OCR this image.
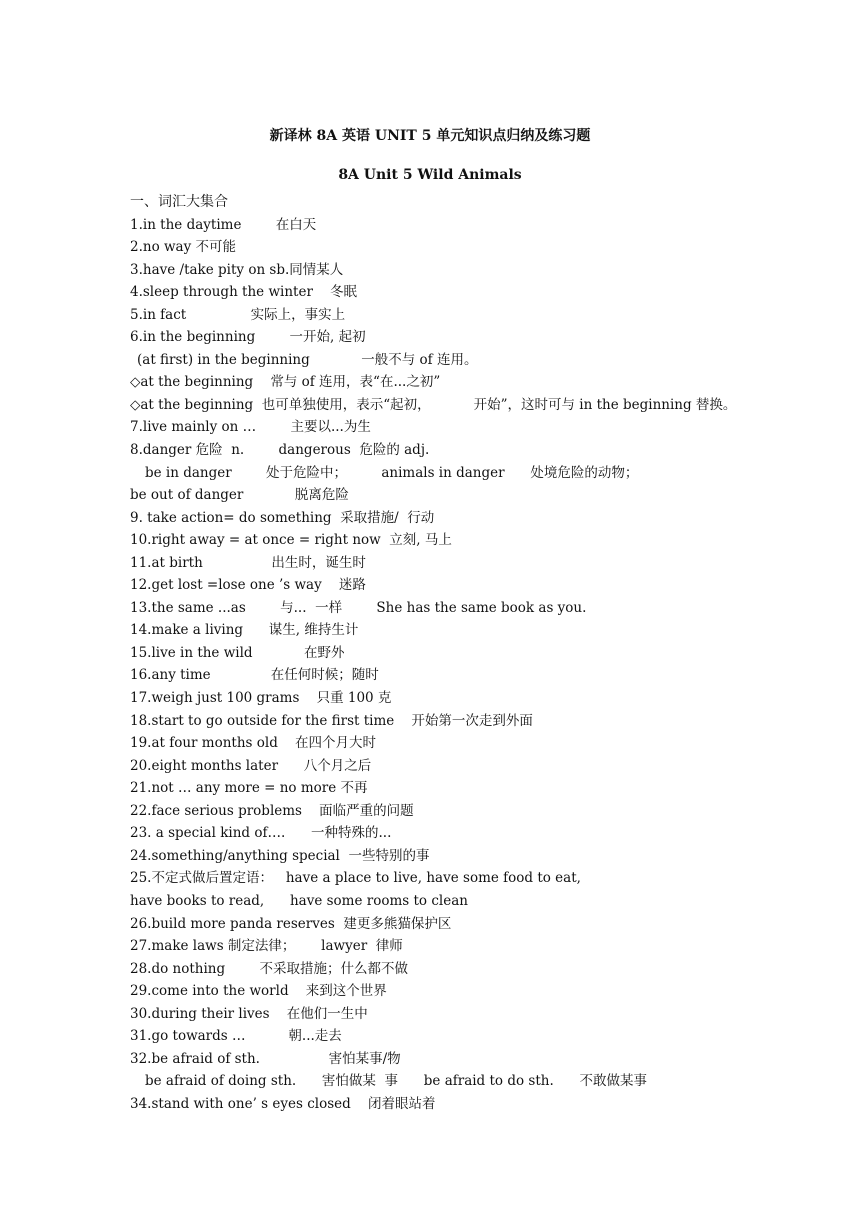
新译林 8A 英语 UNIT 5 单元知识点归纳及练习题
8A Unit 5 Wild Animals
一、词汇大集合
1.in the daytime        在白天
2.no way 不可能
3.have /take pity on sb.同情某人
4.sleep through the winter    冬眠
5.in fact               实际上，事实上
6.in the beginning        一开始, 起初
(at first) in the beginning            一般不与 of 连用。
◇at the beginning    常与 of 连用，表“在...之初”
◇at the beginning  也可单独使用，表示“起初，          开始”，这时可与 in the beginning 替换。
7.live mainly on …        主要以...为生
8.danger 危险  n.        dangerous  危险的 adj.
be in danger        处于危险中；        animals in danger      处境危险的动物；
be out of danger            脱离危险
9. take action= do something  采取措施/  行动
10.right away = at once = right now  立刻, 马上
11.at birth                出生时，诞生时
12.get lost =lose one ’s way    迷路
13.the same ...as        与...  一样        She has the same book as you.
14.make a living      谋生, 维持生计
15.live in the wild            在野外
16.any time              在任何时候；随时
17.weigh just 100 grams    只重 100 克
18.start to go outside for the first time    开始第一次走到外面
19.at four months old    在四个月大时
20.eight months later      八个月之后
21.not … any more = no more 不再
22.face serious problems    面临严重的问题
23. a special kind of….      一种特殊的...
24.something/anything special  一些特别的事
25.不定式做后置定语：   have a place to live, have some food to eat,
have books to read,      have some rooms to clean
26.build more panda reserves  建更多熊猫保护区
27.make laws 制定法律；      lawyer  律师
28.do nothing        不采取措施；什么都不做
29.come into the world    来到这个世界
30.during their lives    在他们一生中
31.go towards …          朝...走去
32.be afraid of sth.                害怕某事/物
be afraid of doing sth.      害怕做某  事      be afraid to do sth.      不敢做某事
34.stand with one’ s eyes closed    闭着眼站着
